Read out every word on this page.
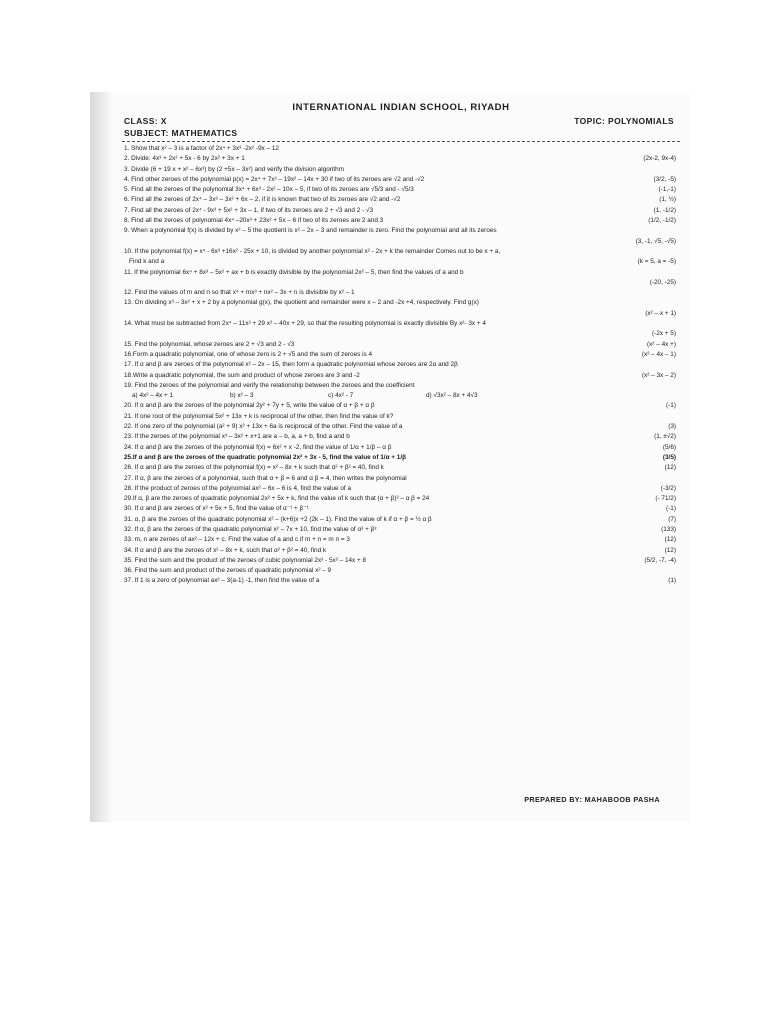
INTERNATIONAL INDIAN SCHOOL, RIYADH
CLASS: X	TOPIC: POLYNOMIALS
SUBJECT: MATHEMATICS
1. Show that x² – 3 is a factor of 2x⁴ + 3x³ -2x² -9x – 12
2. Divide: 4x³ + 2x² + 5x - 6 by 2x² + 3x + 1	(2x-2, 9x-4)
3. Divide (6 + 19 x + x² – 6x³) by (2 +5x – 3x²) and verify the division algorithm
4. Find other zeroes of the polynomial p(x) = 2x⁴ + 7x³ – 19x² – 14x + 30 if two of its zeroes are √2 and -√2	(3/2, -5)
5. Find all the zeroes of the polynomial 3x⁴ + 6x³ - 2x² – 10x – 5, if two of its zeroes are √5/3 and - √5/3	(-1,-1)
6. Find all the zeroes of 2x⁴ – 3x³ – 3x² + 6x – 2, if it is known that two of its zeroes are √2 and -√2	(1, ½)
7. Find all the zeroes of 2x⁴ - 9x³ + 5x² + 3x – 1, if two of its zeroes are 2 + √3 and 2 - √3	(1, -1/2)
8. Find all the zeroes of polynomial 4x⁴ –20x³ + 23x² + 5x – 6 if two of its zeroes are 2 and 3	(1/2, -1/2)
9. When a polynomial f(x) is divided by x² – 5 the quotient is x² – 2x – 3 and remainder is zero. Find the polynomial and all its zeroes

(3, -1, √5, -√5)
10. If the polynomial f(x) = x⁴ - 6x³ +16x² - 25x + 10, is divided by another polynomial x² - 2x + k the remainder Comes out to be x + a,
Find k and a	(k = 5, a = -5)
11. If the polynomial 6x⁴ + 8x³ – 5x² + ax + b is exactly divisible by the polynomial 2x² – 5, then find the values of a and b

(-20, -25)
12. Find the values of m and n so that x⁴ + mx³ + nx² – 3x + n is divisible by x² – 1
13. On dividing x³ – 3x² + x + 2 by a polynomial g(x), the quotient and remainder were x – 2 and -2x +4, respectively. Find g(x)

(x² – x + 1)
14. What must be subtracted from 2x⁴ – 11x³ + 29 x² – 40x + 29, so that the resulting polynomial is exactly divisible By x²- 3x + 4

(-2x + 5)
15. Find the polynomial, whose zeroes are 2 + √3 and 2 - √3	(x² – 4x +)
16.Form a quadratic polynomial, one of whose zero is 2 + √5 and the sum of zeroes is 4	(x² – 4x – 1)
17. If α and β are zeroes of the polynomial x² – 2x – 15, then form a quadratic polynomial whose zeroes are 2α and 2β
18.Write a quadratic polynomial, the sum and product of whose zeroes are 3 and -2	(x² – 3x – 2)
19. Find the zeroes of the polynomial and verify the relationship between the zeroes and the coefficient
a) 4x² – 4x + 1	b) x² – 3	c) 4x² - 7	d) √3x² – 8x + 4√3
20. If α and β are the zeroes of the polynomial 2y² + 7y + 5, write the value of α + β + α β	(-1)
21. If one root of the polynomial 5x² + 13x + k is reciprocal of the other, then find the value of k?
22. If one zero of the polynomial (a² + 9) x² + 13x + 6a is reciprocal of the other. Find the value of a	(3)
23. If the zeroes of the polynomial x³ – 3x² + x+1 are a – b, a, a + b, find a and b	(1, ±√2)
24. If α and β are the zeroes of the polynomial f(x) = 6x² + x -2, find the value of 1/α + 1/β – α β	(5/6)
25.If α and β are the zeroes of the quadratic polynomial 2x² + 3x - 5, find the value of 1/α + 1/β	(3/5)
26. If α and β are the zeroes of the polynomial f(x) = x² – 8x + k such that α² + β² = 40, find k	(12)
27. If α, β are the zeroes of a polynomial, such that α + β = 6 and α β = 4, then writes the polynomial
28. If the product of zeroes of the polynomial ax² – 6x – 6 is 4, find the value of a	(-3/2)
29.If α, β are the zeroes of quadratic polynomial 2x² + 5x + k, find the value of k such that (α + β)² – α β = 24	(- 71/2)
30. If α and β are zeroes of x² + 5x + 5, find the value of α⁻¹ + β⁻¹	(-1)
31. α, β are the zeroes of the quadratic polynomial x² – (k+6)x +2 (2k – 1). Find the value of k if α + β = ½ α β	(7)
32. If α, β are the zeroes of the quadratic polynomial x² – 7x + 10, find the value of α³ + β³	(133)
33. m, n are zeroes of ax² – 12x + c. Find the value of a and c if m + n = m n = 3	(12)
34. If α and β are the zeroes of x² – 8x + k, such that α² + β² = 40, find k	(12)
35. Find the sum and the product of the zeroes of cubic polynomial 2x³ - 5x² – 14x + 8	(5/2, -7, -4)
36. Find the sum and product of the zeroes of quadratic polynomial x² – 9
37. If 1 is a zero of polynomial ax² – 3(a-1) -1, then find the value of a	(1)
PREPARED BY: MAHABOOB PASHA
